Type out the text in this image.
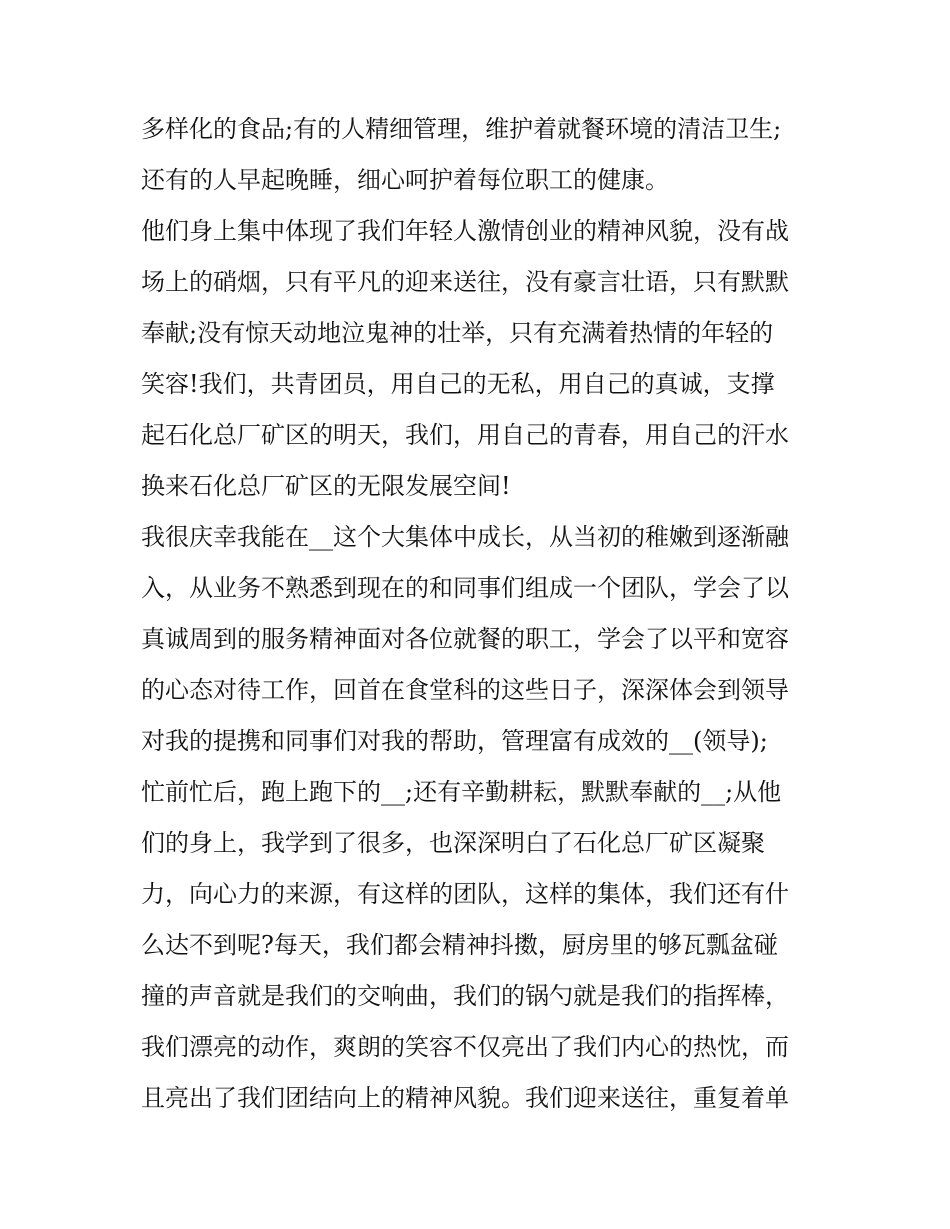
多样化的食品;有的人精细管理，维护着就餐环境的清洁卫生;
还有的人早起晚睡，细心呵护着每位职工的健康。
他们身上集中体现了我们年轻人激情创业的精神风貌，没有战
场上的硝烟，只有平凡的迎来送往，没有豪言壮语，只有默默
奉献;没有惊天动地泣鬼神的壮举，只有充满着热情的年轻的
笑容!我们，共青团员，用自己的无私，用自己的真诚，支撑
起石化总厂矿区的明天，我们，用自己的青春，用自己的汗水
换来石化总厂矿区的无限发展空间!
我很庆幸我能在__这个大集体中成长，从当初的稚嫩到逐渐融
入，从业务不熟悉到现在的和同事们组成一个团队，学会了以
真诚周到的服务精神面对各位就餐的职工，学会了以平和宽容
的心态对待工作，回首在食堂科的这些日子，深深体会到领导
对我的提携和同事们对我的帮助，管理富有成效的__(领导);
忙前忙后，跑上跑下的__;还有辛勤耕耘，默默奉献的__;从他
们的身上，我学到了很多，也深深明白了石化总厂矿区凝聚
力，向心力的来源，有这样的团队，这样的集体，我们还有什
么达不到呢?每天，我们都会精神抖擞，厨房里的够瓦瓢盆碰
撞的声音就是我们的交响曲，我们的锅勺就是我们的指挥棒，
我们漂亮的动作，爽朗的笑容不仅亮出了我们内心的热忱，而
且亮出了我们团结向上的精神风貌。我们迎来送往，重复着单
